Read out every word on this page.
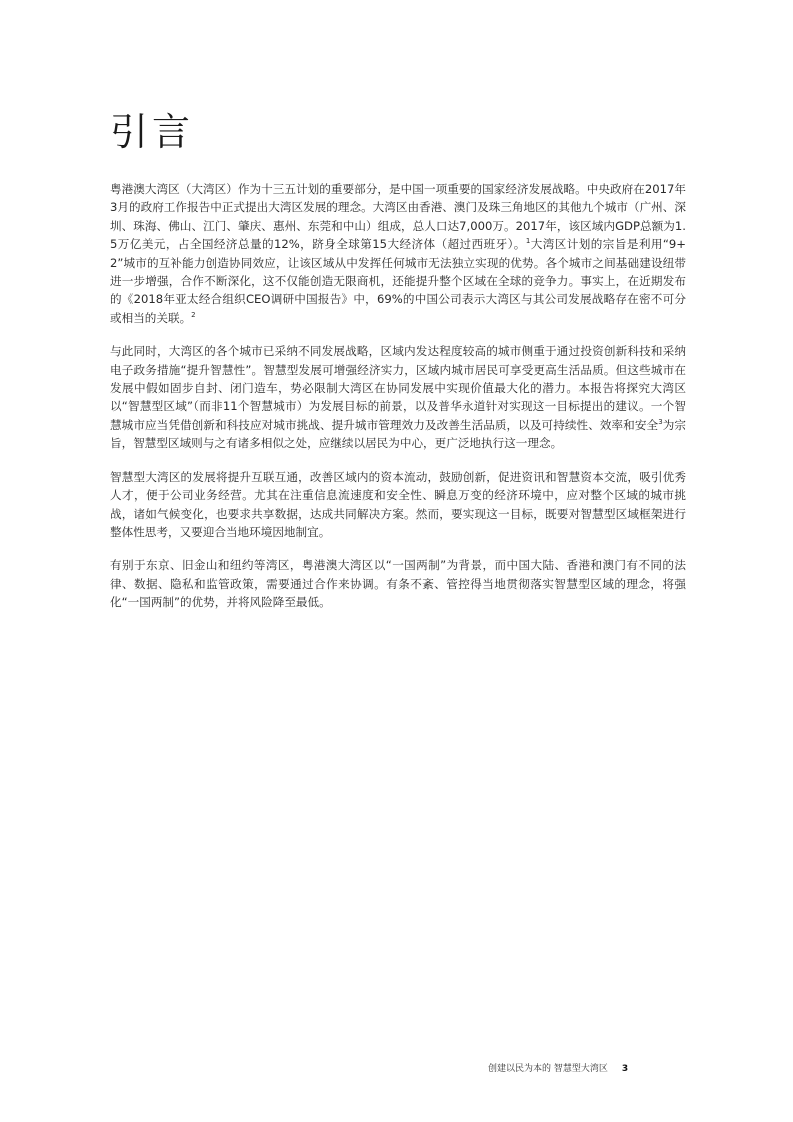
引言

粤港澳大湾区（大湾区）作为十三五计划的重要部分，是中国一项重要的国家经济发展战略。中央政府在2017年3月的政府工作报告中正式提出大湾区发展的理念。大湾区由香港、澳门及珠三角地区的其他九个城市（广州、深圳、珠海、佛山、江门、肇庆、惠州、东莞和中山）组成，总人口达7,000万。2017年，该区域内GDP总额为1.5万亿美元，占全国经济总量的12%，跻身全球第15大经济体（超过西班牙）。$^1$大湾区计划的宗旨是利用“9+2”城市的互补能力创造协同效应，让该区域从中发挥任何城市无法独立实现的优势。各个城市之间基础建设纽带进一步增强，合作不断深化，这不仅能创造无限商机，还能提升整个区域在全球的竞争力。事实上，在近期发布的《2018年亚太经合组织CEO调研中国报告》中，69%的中国公司表示大湾区与其公司发展战略存在密不可分或相当的关联。$^2$

与此同时，大湾区的各个城市已采纳不同发展战略，区域内发达程度较高的城市侧重于通过投资创新科技和采纳电子政务措施“提升智慧性”。智慧型发展可增强经济实力，区域内城市居民可享受更高生活品质。但这些城市在发展中假如固步自封、闭门造车，势必限制大湾区在协同发展中实现价值最大化的潜力。本报告将探究大湾区以“智慧型区域”（而非11个智慧城市）为发展目标的前景，以及普华永道针对实现这一目标提出的建议。一个智慧城市应当凭借创新和科技应对城市挑战、提升城市管理效力及改善生活品质，以及可持续性、效率和安全$^3$为宗旨，智慧型区域则与之有诸多相似之处，应继续以居民为中心，更广泛地执行这一理念。

智慧型大湾区的发展将提升互联互通，改善区域内的资本流动，鼓励创新，促进资讯和智慧资本交流，吸引优秀人才，便于公司业务经营。尤其在注重信息流速度和安全性、瞬息万变的经济环境中，应对整个区域的城市挑战，诸如气候变化，也要求共享数据，达成共同解决方案。然而，要实现这一目标，既要对智慧型区域框架进行整体性思考，又要迎合当地环境因地制宜。

有别于东京、旧金山和纽约等湾区，粤港澳大湾区以“一国两制”为背景，而中国大陆、香港和澳门有不同的法律、数据、隐私和监管政策，需要通过合作来协调。有条不紊、管控得当地贯彻落实智慧型区域的理念，将强化“一国两制”的优势，并将风险降至最低。

创建以民为本的 智慧型大湾区 3
